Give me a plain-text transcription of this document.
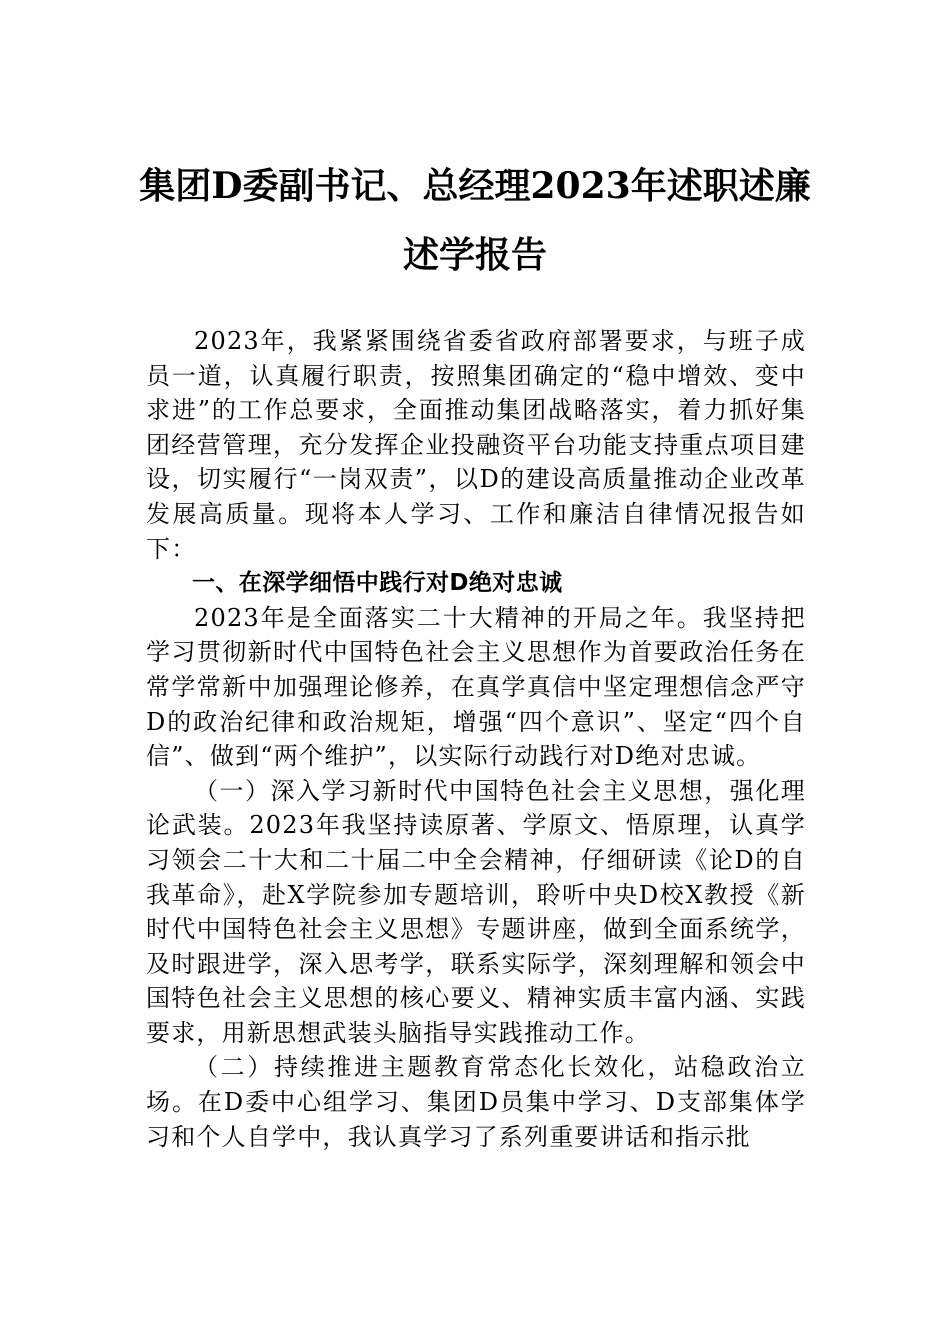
集团D委副书记、总经理2023年述职述廉
述学报告

2023年，我紧紧围绕省委省政府部署要求，与班子成员一道，认真履行职责，按照集团确定的“稳中增效、变中求进”的工作总要求，全面推动集团战略落实，着力抓好集团经营管理，充分发挥企业投融资平台功能支持重点项目建设，切实履行“一岗双责”，以D的建设高质量推动企业改革发展高质量。现将本人学习、工作和廉洁自律情况报告如下：

一、在深学细悟中践行对D绝对忠诚

2023年是全面落实二十大精神的开局之年。我坚持把学习贯彻新时代中国特色社会主义思想作为首要政治任务在常学常新中加强理论修养，在真学真信中坚定理想信念严守D的政治纪律和政治规矩，增强“四个意识”、坚定“四个自信”、做到“两个维护”，以实际行动践行对D绝对忠诚。

（一）深入学习新时代中国特色社会主义思想，强化理论武装。2023年我坚持读原著、学原文、悟原理，认真学习领会二十大和二十届二中全会精神，仔细研读《论D的自我革命》，赴X学院参加专题培训，聆听中央D校X教授《新时代中国特色社会主义思想》专题讲座，做到全面系统学，及时跟进学，深入思考学，联系实际学，深刻理解和领会中国特色社会主义思想的核心要义、精神实质丰富内涵、实践要求，用新思想武装头脑指导实践推动工作。

（二）持续推进主题教育常态化长效化，站稳政治立场。在D委中心组学习、集团D员集中学习、D支部集体学习和个人自学中，我认真学习了系列重要讲话和指示批
